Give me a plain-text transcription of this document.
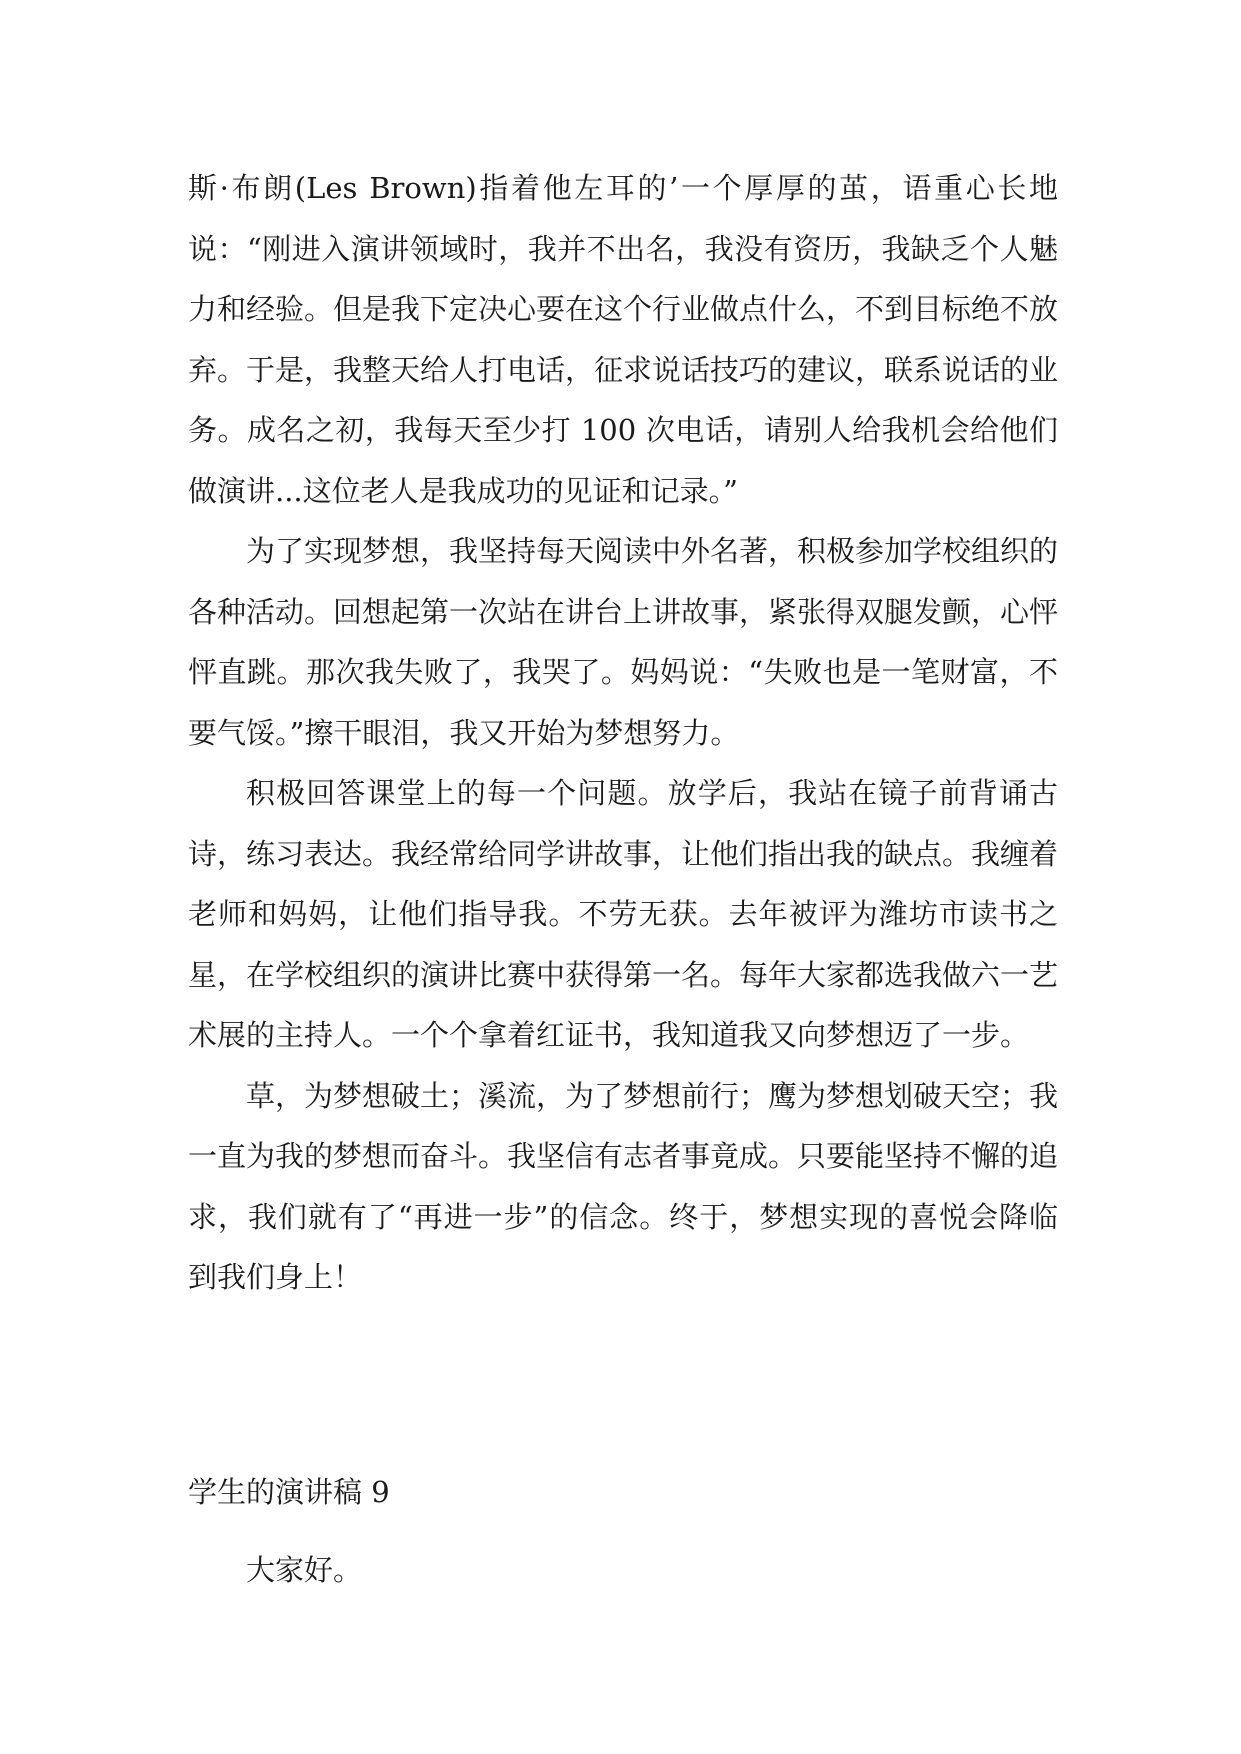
斯·布朗(Les Brown)指着他左耳的’一个厚厚的茧，语重心长地说：“刚进入演讲领域时，我并不出名，我没有资历，我缺乏个人魅力和经验。但是我下定决心要在这个行业做点什么，不到目标绝不放弃。于是，我整天给人打电话，征求说话技巧的建议，联系说话的业务。成名之初，我每天至少打 100 次电话，请别人给我机会给他们做演讲...这位老人是我成功的见证和记录。”

为了实现梦想，我坚持每天阅读中外名著，积极参加学校组织的各种活动。回想起第一次站在讲台上讲故事，紧张得双腿发颤，心怦怦直跳。那次我失败了，我哭了。妈妈说：“失败也是一笔财富，不要气馁。”擦干眼泪，我又开始为梦想努力。

积极回答课堂上的每一个问题。放学后，我站在镜子前背诵古诗，练习表达。我经常给同学讲故事，让他们指出我的缺点。我缠着老师和妈妈，让他们指导我。不劳无获。去年被评为潍坊市读书之星，在学校组织的演讲比赛中获得第一名。每年大家都选我做六一艺术展的主持人。一个个拿着红证书，我知道我又向梦想迈了一步。

草，为梦想破土；溪流，为了梦想前行；鹰为梦想划破天空；我一直为我的梦想而奋斗。我坚信有志者事竟成。只要能坚持不懈的追求，我们就有了“再进一步”的信念。终于，梦想实现的喜悦会降临到我们身上！

学生的演讲稿 9

大家好。
